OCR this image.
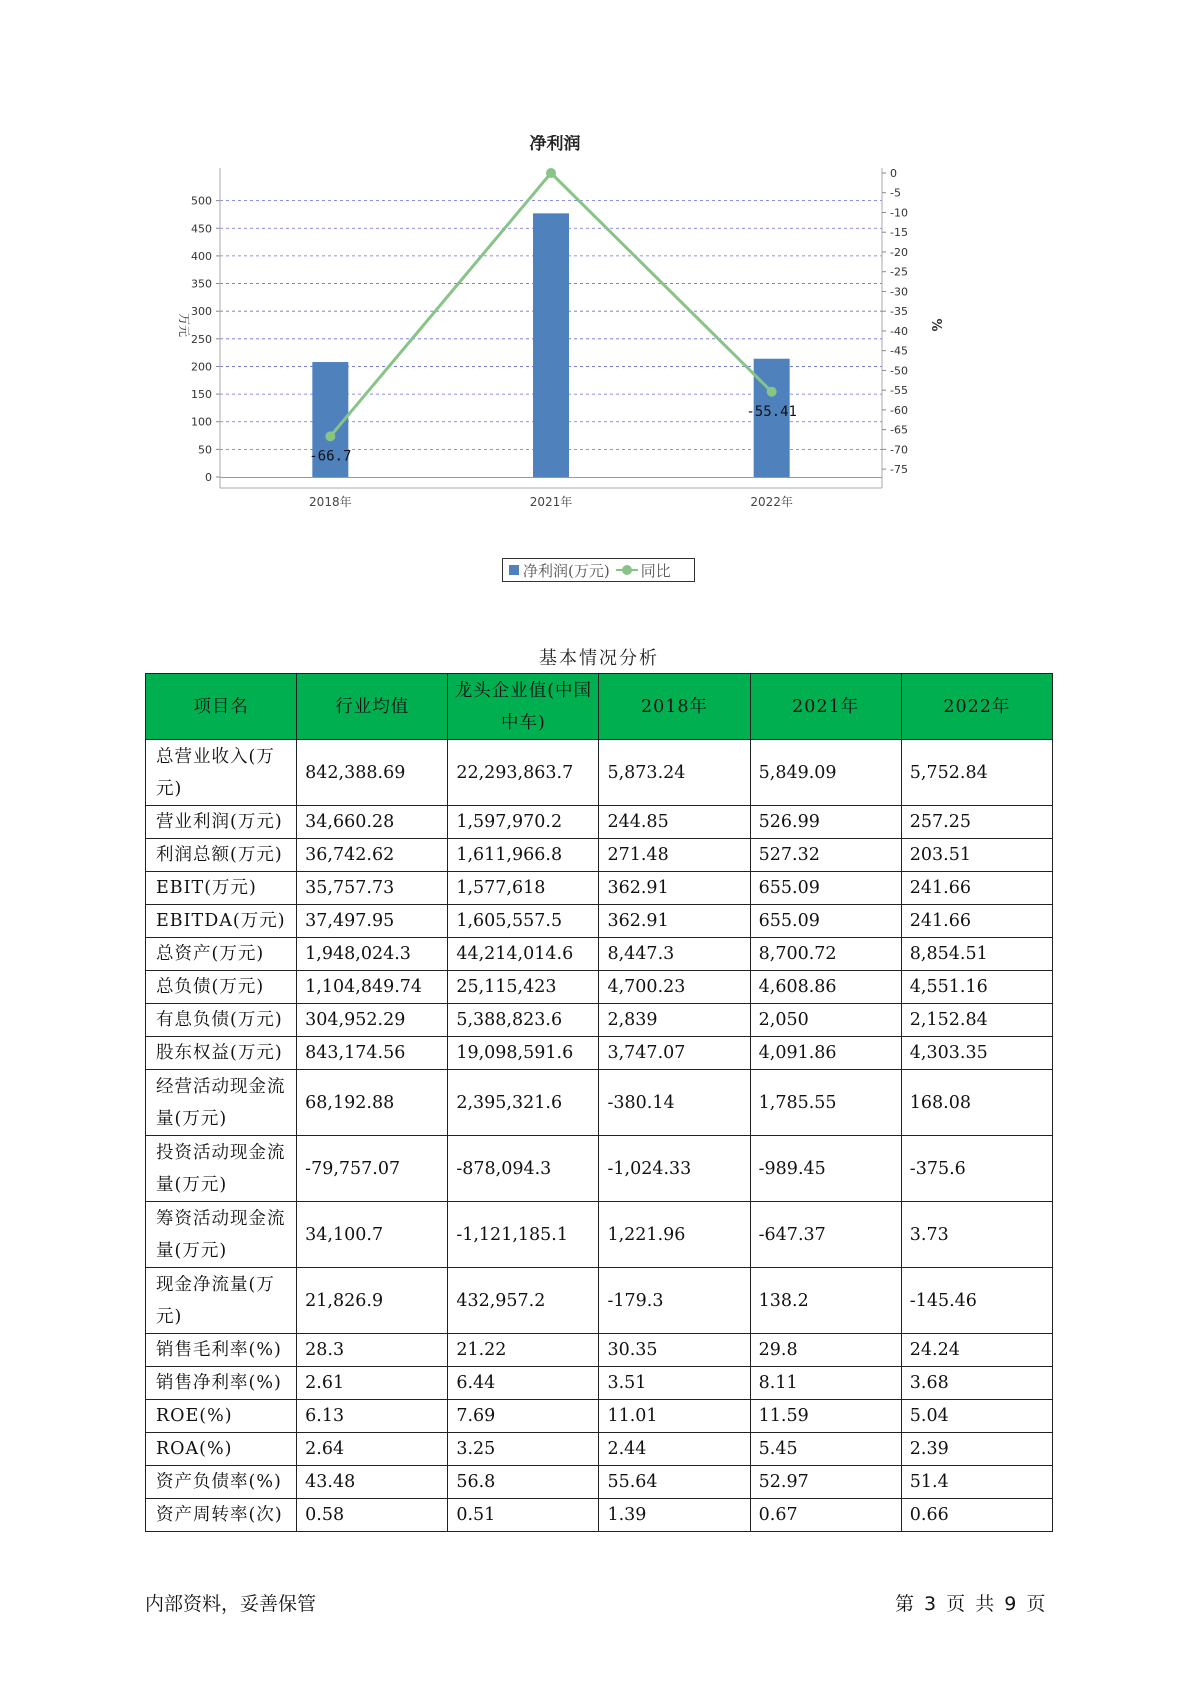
净利润
0
50
100
150
200
250
300
350
400
450
500
0
-5
-10
-15
-20
-25
-30
-35
-40
-45
-50
-55
-60
-65
-70
-75
万元	%
2018年	2021年	2022年
-66.7
-55.41
净利润(万元) 同比
基本情况分析
项目名	行业均值	龙头企业值(中国中车)	2018年	2021年	2022年
总营业收入(万元)	842,388.69	22,293,863.7	5,873.24	5,849.09	5,752.84
营业利润(万元)	34,660.28	1,597,970.2	244.85	526.99	257.25
利润总额(万元)	36,742.62	1,611,966.8	271.48	527.32	203.51
EBIT(万元)	35,757.73	1,577,618	362.91	655.09	241.66
EBITDA(万元)	37,497.95	1,605,557.5	362.91	655.09	241.66
总资产(万元)	1,948,024.3	44,214,014.6	8,447.3	8,700.72	8,854.51
总负债(万元)	1,104,849.74	25,115,423	4,700.23	4,608.86	4,551.16
有息负债(万元)	304,952.29	5,388,823.6	2,839	2,050	2,152.84
股东权益(万元)	843,174.56	19,098,591.6	3,747.07	4,091.86	4,303.35
经营活动现金流量(万元)	68,192.88	2,395,321.6	-380.14	1,785.55	168.08
投资活动现金流量(万元)	-79,757.07	-878,094.3	-1,024.33	-989.45	-375.6
筹资活动现金流量(万元)	34,100.7	-1,121,185.1	1,221.96	-647.37	3.73
现金净流量(万元)	21,826.9	432,957.2	-179.3	138.2	-145.46
销售毛利率(%)	28.3	21.22	30.35	29.8	24.24
销售净利率(%)	2.61	6.44	3.51	8.11	3.68
ROE(%)	6.13	7.69	11.01	11.59	5.04
ROA(%)	2.64	3.25	2.44	5.45	2.39
资产负债率(%)	43.48	56.8	55.64	52.97	51.4
资产周转率(次)	0.58	0.51	1.39	0.67	0.66
内部资料，妥善保管	第 3 页 共 9 页
